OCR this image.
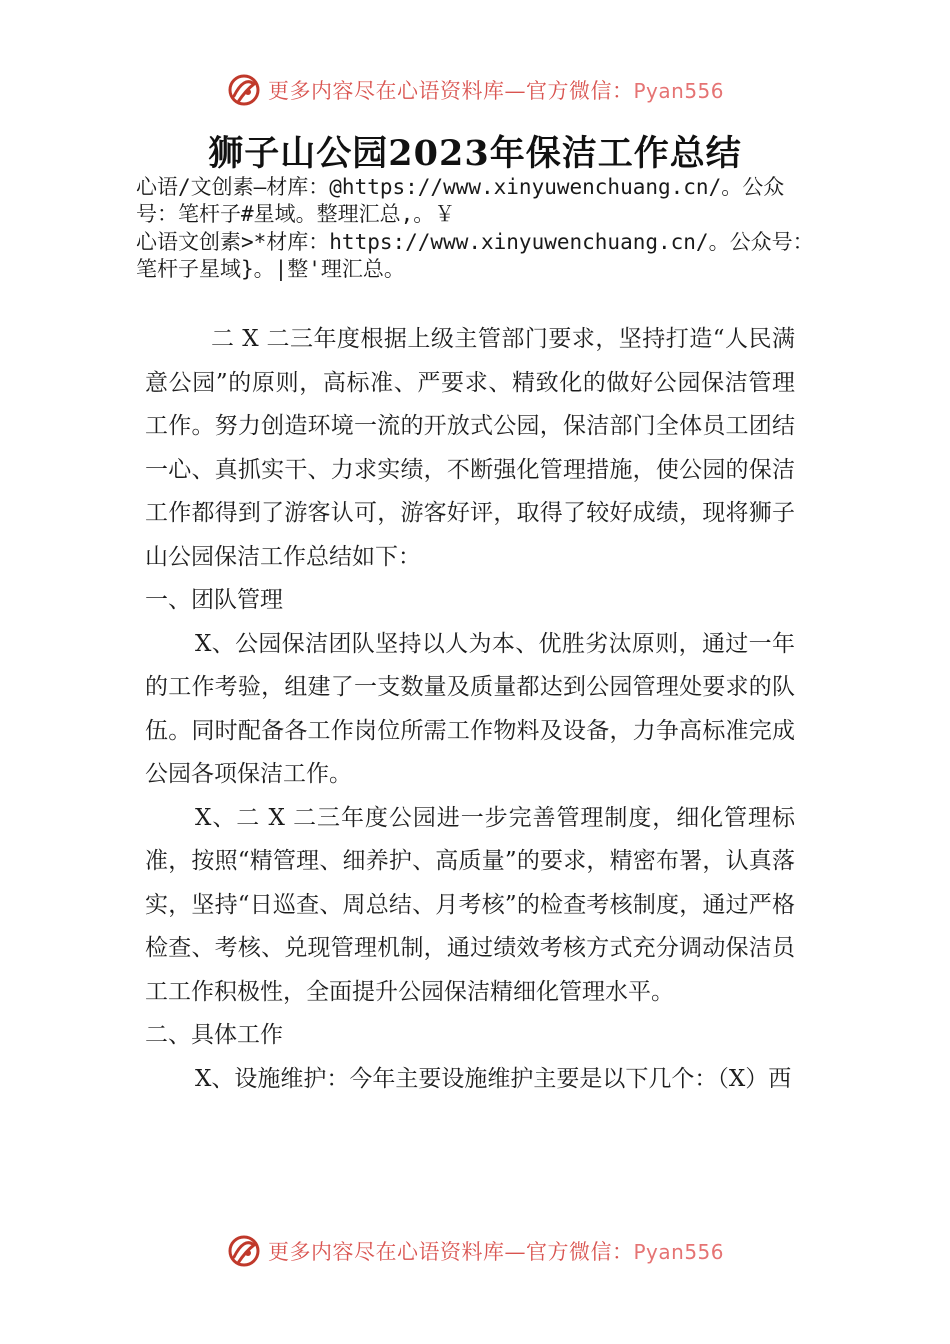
更多内容尽在心语资料库—官方微信：Pyan556
狮子山公园2023年保洁工作总结
心语/文创素—材库：@https://www.xinyuwenchuang.cn/。公众号：笔杆子#星域。整理汇总,。￥
心语文创素>*材库：https://www.xinyuwenchuang.cn/。公众号：笔杆子星域}。|整'理汇总。

二 X 二三年度根据上级主管部门要求，坚持打造“人民满意公园”的原则，高标准、严要求、精致化的做好公园保洁管理工作。努力创造环境一流的开放式公园，保洁部门全体员工团结一心、真抓实干、力求实绩，不断强化管理措施，使公园的保洁工作都得到了游客认可，游客好评，取得了较好成绩，现将狮子山公园保洁工作总结如下：

一、团队管理

X、公园保洁团队坚持以人为本、优胜劣汰原则，通过一年的工作考验，组建了一支数量及质量都达到公园管理处要求的队伍。同时配备各工作岗位所需工作物料及设备，力争高标准完成公园各项保洁工作。

X、二 X 二三年度公园进一步完善管理制度，细化管理标准，按照“精管理、细养护、高质量”的要求，精密布署，认真落实，坚持“日巡查、周总结、月考核”的检查考核制度，通过严格检查、考核、兑现管理机制，通过绩效考核方式充分调动保洁员工工作积极性，全面提升公园保洁精细化管理水平。

二、具体工作

X、设施维护：今年主要设施维护主要是以下几个：（X）西

更多内容尽在心语资料库—官方微信：Pyan556
